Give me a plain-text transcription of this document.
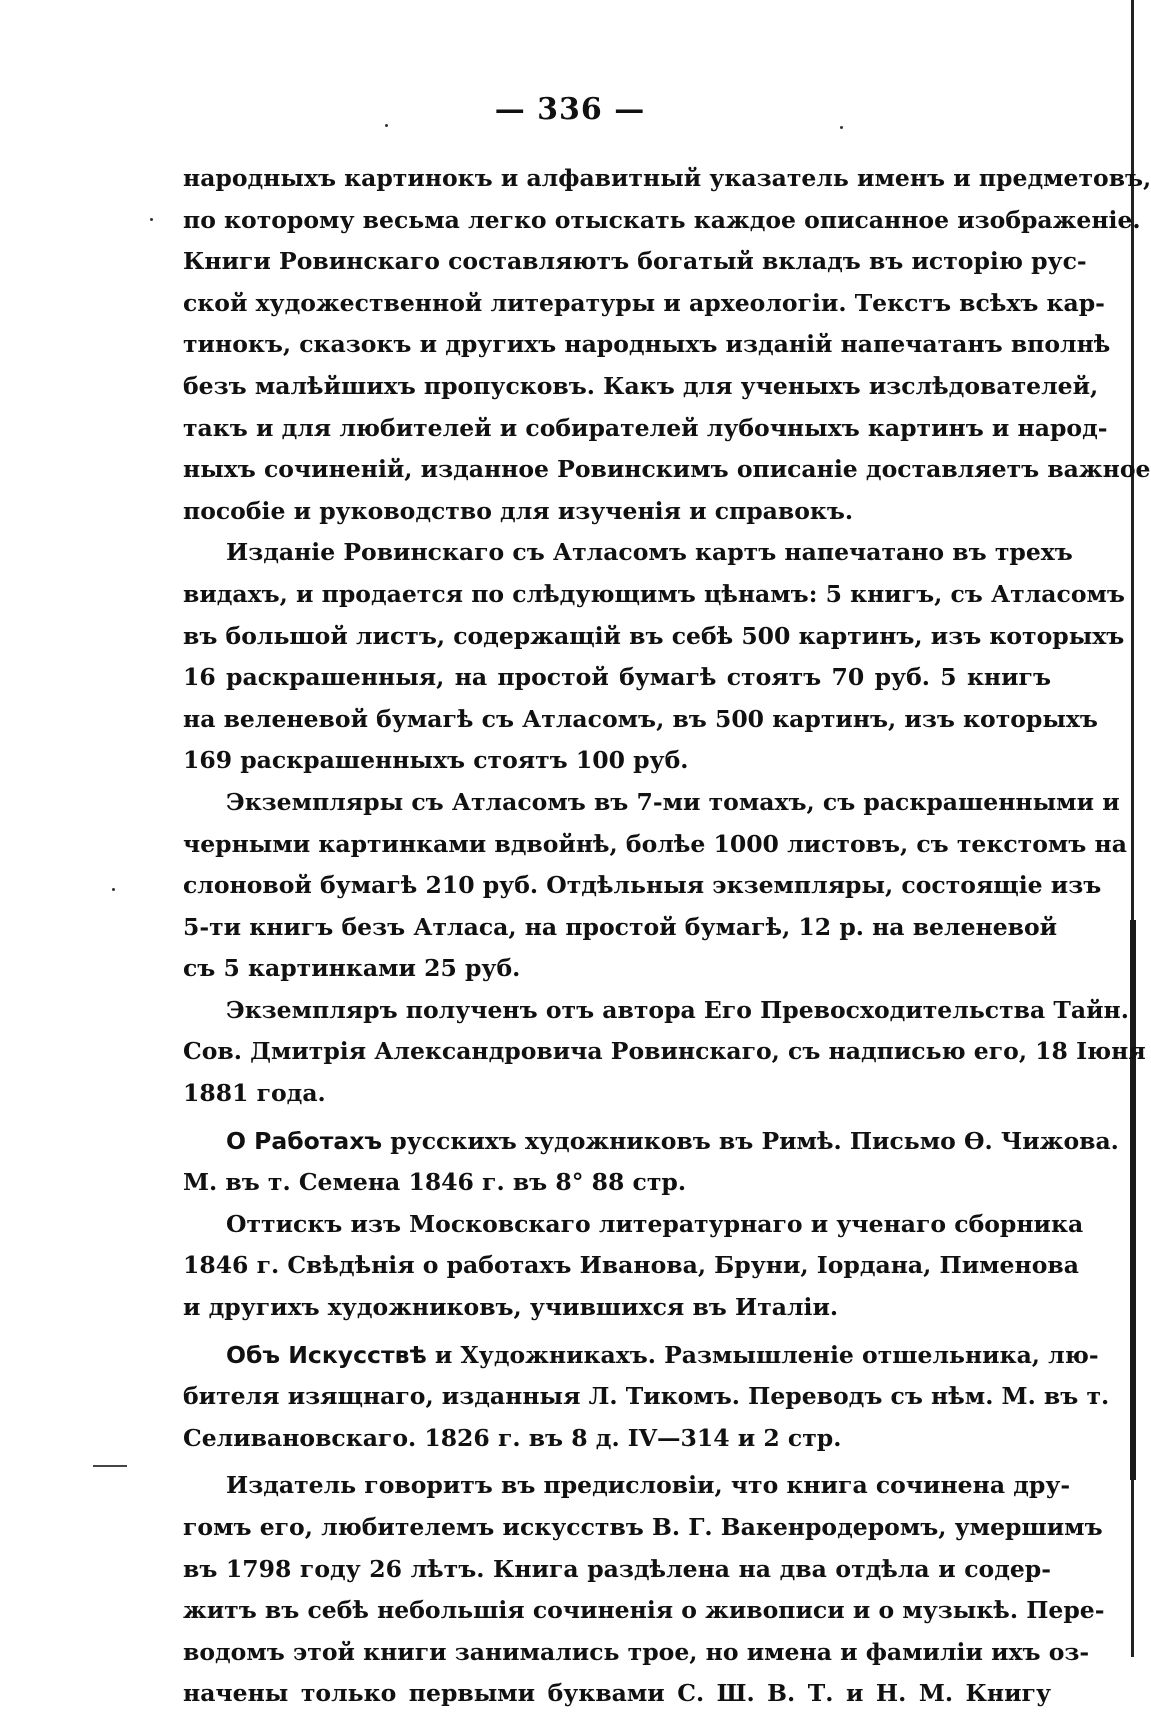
— 336 —
народныхъ картинокъ и алфавитный указатель именъ и предметовъ,
по которому весьма легко отыскать каждое описанное изображеніе.
Книги Ровинскаго составляютъ богатый вкладъ въ исторію рус-
ской художественной литературы и археологіи. Текстъ всѣхъ кар-
тинокъ, сказокъ и другихъ народныхъ изданій напечатанъ вполнѣ
безъ малѣйшихъ пропусковъ. Какъ для ученыхъ изслѣдователей,
такъ и для любителей и собирателей лубочныхъ картинъ и народ-
ныхъ сочиненій, изданное Ровинскимъ описаніе доставляетъ важное
пособіе и руководство для изученія и справокъ.
Изданіе Ровинскаго съ Атласомъ картъ напечатано въ трехъ
видахъ, и продается по слѣдующимъ цѣнамъ: 5 книгъ, съ Атласомъ
въ большой листъ, содержащій въ себѣ 500 картинъ, изъ которыхъ
16 раскрашенныя, на простой бумагѣ стоятъ 70 руб. 5 книгъ
на веленевой бумагѣ съ Атласомъ, въ 500 картинъ, изъ которыхъ
169 раскрашенныхъ стоятъ 100 руб.
Экземпляры съ Атласомъ въ 7-ми томахъ, съ раскрашенными и
черными картинками вдвойнѣ, болѣе 1000 листовъ, съ текстомъ на
слоновой бумагѣ 210 руб. Отдѣльныя экземпляры, состоящіе изъ
5-ти книгъ безъ Атласа, на простой бумагѣ, 12 р. на веленевой
съ 5 картинками 25 руб.
Экземпляръ полученъ отъ автора Его Превосходительства Тайн.
Сов. Дмитрія Александровича Ровинскаго, съ надписью его, 18 Іюня
1881 года.
О Работахъ русскихъ художниковъ въ Римѣ. Письмо Ѳ. Чижова.
М. въ т. Семена 1846 г. въ 8° 88 стр.
Оттискъ изъ Московскаго литературнаго и ученаго сборника
1846 г. Свѣдѣнія о работахъ Иванова, Бруни, Іордана, Пименова
и другихъ художниковъ, учившихся въ Италіи.
Объ Искусствѣ и Художникахъ. Размышленіе отшельника, лю-
бителя изящнаго, изданныя Л. Тикомъ. Переводъ съ нѣм. М. въ т.
Селивановскаго. 1826 г. въ 8 д. IV—314 и 2 стр.
Издатель говоритъ въ предисловіи, что книга сочинена дру-
гомъ его, любителемъ искусствъ В. Г. Вакенродеромъ, умершимъ
въ 1798 году 26 лѣтъ. Книга раздѣлена на два отдѣла и содер-
житъ въ себѣ небольшія сочиненія о живописи и о музыкѣ. Пере-
водомъ этой книги занимались трое, но имена и фамиліи ихъ оз-
начены только первыми буквами С. Ш. В. Т. и Н. М. Книгу
